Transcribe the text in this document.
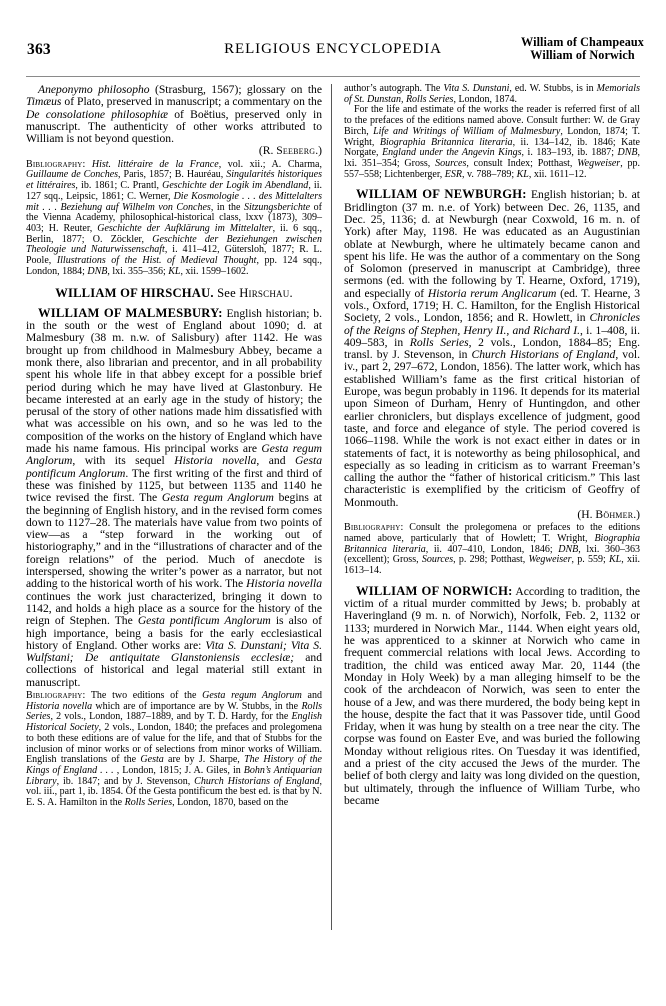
363	RELIGIOUS ENCYCLOPEDIA	William of Champeaux
William of Norwich

Aneponymo philosopho (Strasburg, 1567); glossary on the Timæus of Plato, preserved in manuscript; a commentary on the De consolatione philosophiæ of Boëtius, preserved only in manuscript. The authenticity of other works attributed to William is not beyond question.
(R. Seeberg.)

Bibliography: Hist. littéraire de la France, vol. xii.; A. Charma, Guillaume de Conches, Paris, 1857; B. Hauréau, Singularités historiques et littéraires, ib. 1861; C. Prantl, Geschichte der Logik im Abendland, ii. 127 sqq., Leipsic, 1861; C. Werner, Die Kosmologie . . . des Mittelalters mit . . . Beziehung auf Wilhelm von Conches, in the Sitzungsberichte of the Vienna Academy, philosophical-historical class, lxxv (1873), 309–403; H. Reuter, Geschichte der Aufklärung im Mittelalter, ii. 6 sqq., Berlin, 1877; O. Zöckler, Geschichte der Beziehungen zwischen Theologie und Naturwissenschaft, i. 411–412, Gütersloh, 1877; R. L. Poole, Illustrations of the Hist. of Medieval Thought, pp. 124 sqq., London, 1884; DNB, lxi. 355–356; KL, xii. 1599–1602.

WILLIAM OF HIRSCHAU. See Hirschau.

WILLIAM OF MALMESBURY: English historian; b. in the south or the west of England about 1090; d. at Malmesbury (38 m. n.w. of Salisbury) after 1142. He was brought up from childhood in Malmesbury Abbey, became a monk there, also librarian and precentor, and in all probability spent his whole life in that abbey except for a possible brief period during which he may have lived at Glastonbury. He became interested at an early age in the study of history; the perusal of the story of other nations made him dissatisfied with what was accessible on his own, and so he was led to the composition of the works on the history of England which have made his name famous. His principal works are Gesta regum Anglorum, with its sequel Historia novella, and Gesta pontificum Anglorum. The first writing of the first and third of these was finished by 1125, but between 1135 and 1140 he twice revised the first. The Gesta regum Anglorum begins at the beginning of English history, and in the revised form comes down to 1127–28. The materials have value from two points of view—as a “step forward in the working out of historiography,” and in the “illustrations of character and of the foreign relations” of the period. Much of anecdote is interspersed, showing the writer’s power as a narrator, but not adding to the historical worth of his work. The Historia novella continues the work just characterized, bringing it down to 1142, and holds a high place as a source for the history of the reign of Stephen. The Gesta pontificum Anglorum is also of high importance, being a basis for the early ecclesiastical history of England. Other works are: Vita S. Dunstani; Vita S. Wulfstani; De antiquitate Glanstoniensis ecclesiæ; and collections of historical and legal material still extant in manuscript.

Bibliography: The two editions of the Gesta regum Anglorum and Historia novella which are of importance are by W. Stubbs, in the Rolls Series, 2 vols., London, 1887–1889, and by T. D. Hardy, for the English Historical Society, 2 vols., London, 1840; the prefaces and prolegomena to both these editions are of value for the life, and that of Stubbs for the inclusion of minor works or of selections from minor works of William. English translations of the Gesta are by J. Sharpe, The History of the Kings of England . . . , London, 1815; J. A. Giles, in Bohn’s Antiquarian Library, ib. 1847; and by J. Stevenson, Church Historians of England, vol. iii., part 1, ib. 1854. Of the Gesta pontificum the best ed. is that by N. E. S. A. Hamilton in the Rolls Series, London, 1870, based on the

author’s autograph. The Vita S. Dunstani, ed. W. Stubbs, is in Memorials of St. Dunstan, Rolls Series, London, 1874.

For the life and estimate of the works the reader is referred first of all to the prefaces of the editions named above. Consult further: W. de Gray Birch, Life and Writings of William of Malmesbury, London, 1874; T. Wright, Biographia Britannica literaria, ii. 134–142, ib. 1846; Kate Norgate, England under the Angevin Kings, i. 183–193, ib. 1887; DNB, lxi. 351–354; Gross, Sources, consult Index; Potthast, Wegweiser, pp. 557–558; Lichtenberger, ESR, v. 788–789; KL, xii. 1611–12.

WILLIAM OF NEWBURGH: English historian; b. at Bridlington (37 m. n.e. of York) between Dec. 26, 1135, and Dec. 25, 1136; d. at Newburgh (near Coxwold, 16 m. n. of York) after May, 1198. He was educated as an Augustinian oblate at Newburgh, where he ultimately became canon and spent his life. He was the author of a commentary on the Song of Solomon (preserved in manuscript at Cambridge), three sermons (ed. with the following by T. Hearne, Oxford, 1719), and especially of Historia rerum Anglicarum (ed. T. Hearne, 3 vols., Oxford, 1719; H. C. Hamilton, for the English Historical Society, 2 vols., London, 1856; and R. Howlett, in Chronicles of the Reigns of Stephen, Henry II., and Richard I., i. 1–408, ii. 409–583, in Rolls Series, 2 vols., London, 1884–85; Eng. transl. by J. Stevenson, in Church Historians of England, vol. iv., part 2, 297–672, London, 1856). The latter work, which has established William’s fame as the first critical historian of Europe, was begun probably in 1196. It depends for its material upon Simeon of Durham, Henry of Huntingdon, and other earlier chroniclers, but displays excellence of judgment, good taste, and force and elegance of style. The period covered is 1066–1198. While the work is not exact either in dates or in statements of fact, it is noteworthy as being philosophical, and especially as so leading in criticism as to warrant Freeman’s calling the author the “father of historical criticism.” This last characteristic is exemplified by the criticism of Geoffry of Monmouth.
(H. Böhmer.)

Bibliography: Consult the prolegomena or prefaces to the editions named above, particularly that of Howlett; T. Wright, Biographia Britannica literaria, ii. 407–410, London, 1846; DNB, lxi. 360–363 (excellent); Gross, Sources, p. 298; Potthast, Wegweiser, p. 559; KL, xii. 1613–14.

WILLIAM OF NORWICH: According to tradition, the victim of a ritual murder committed by Jews; b. probably at Haveringland (9 m. n. of Norwich), Norfolk, Feb. 2, 1132 or 1133; murdered in Norwich Mar., 1144. When eight years old, he was apprenticed to a skinner at Norwich who came in frequent commercial relations with local Jews. According to tradition, the child was enticed away Mar. 20, 1144 (the Monday in Holy Week) by a man alleging himself to be the cook of the archdeacon of Norwich, was seen to enter the house of a Jew, and was there murdered, the body being kept in the house, despite the fact that it was Passover tide, until Good Friday, when it was hung by stealth on a tree near the city. The corpse was found on Easter Eve, and was buried the following Monday without religious rites. On Tuesday it was identified, and a priest of the city accused the Jews of the murder. The belief of both clergy and laity was long divided on the question, but ultimately, through the influence of William Turbe, who became
